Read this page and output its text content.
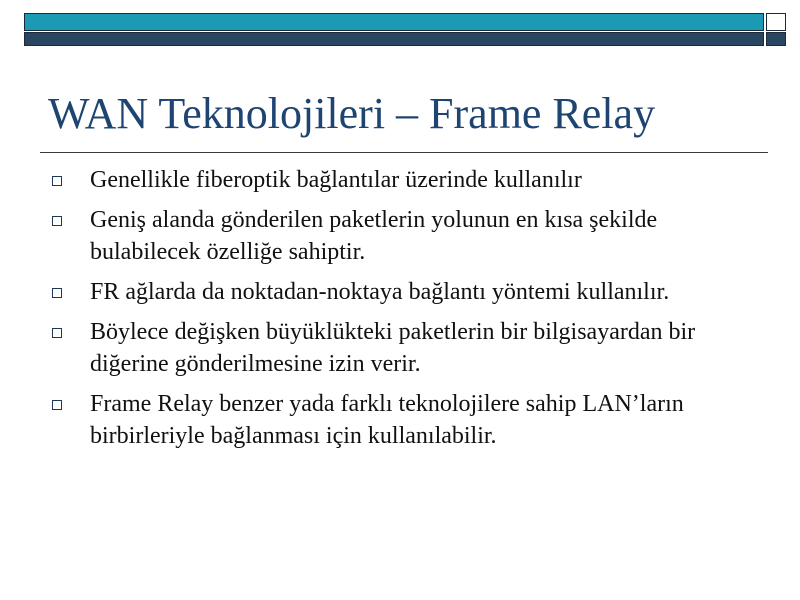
WAN Teknolojileri – Frame Relay
Genellikle fiberoptik bağlantılar üzerinde kullanılır
Geniş alanda gönderilen paketlerin yolunun en kısa şekilde bulabilecek özelliğe sahiptir.
FR ağlarda da noktadan-noktaya bağlantı yöntemi kullanılır.
Böylece değişken büyüklükteki paketlerin bir bilgisayardan bir diğerine gönderilmesine izin verir.
Frame Relay benzer yada farklı teknolojilere sahip LAN’ların birbirleriyle bağlanması için kullanılabilir.
